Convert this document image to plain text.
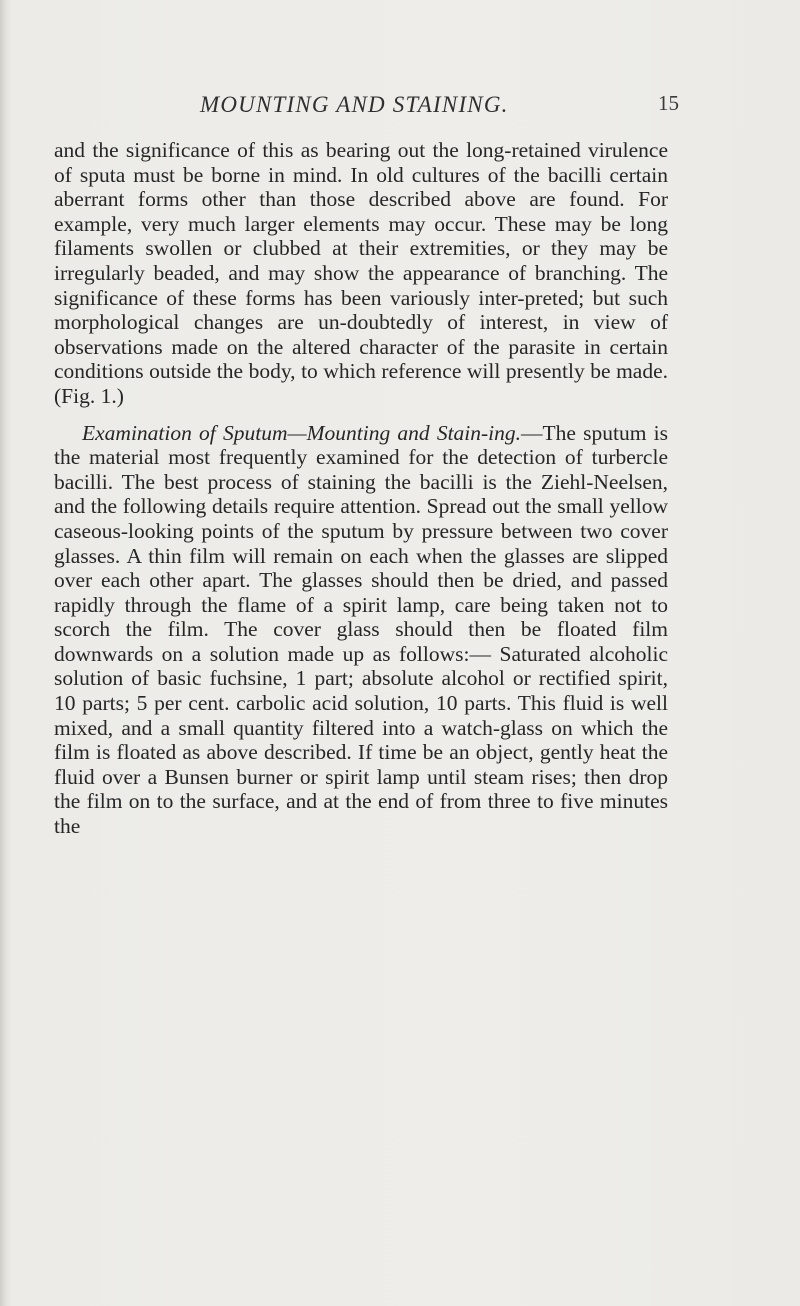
MOUNTING AND STAINING.	15

and the significance of this as bearing out the long-retained virulence of sputa must be borne in mind. In old cultures of the bacilli certain aberrant forms other than those described above are found. For example, very much larger elements may occur. These may be long filaments swollen or clubbed at their extremities, or they may be irregularly beaded, and may show the appearance of branching. The significance of these forms has been variously inter-preted; but such morphological changes are un-doubtedly of interest, in view of observations made on the altered character of the parasite in certain conditions outside the body, to which reference will presently be made. (Fig. 1.)

Examination of Sputum—Mounting and Stain-ing.—The sputum is the material most frequently examined for the detection of turbercle bacilli. The best process of staining the bacilli is the Ziehl-Neelsen, and the following details require attention. Spread out the small yellow caseous-looking points of the sputum by pressure between two cover glasses. A thin film will remain on each when the glasses are slipped over each other apart. The glasses should then be dried, and passed rapidly through the flame of a spirit lamp, care being taken not to scorch the film. The cover glass should then be floated film downwards on a solution made up as follows:— Saturated alcoholic solution of basic fuchsine, 1 part; absolute alcohol or rectified spirit, 10 parts; 5 per cent. carbolic acid solution, 10 parts. This fluid is well mixed, and a small quantity filtered into a watch-glass on which the film is floated as above described. If time be an object, gently heat the fluid over a Bunsen burner or spirit lamp until steam rises; then drop the film on to the surface, and at the end of from three to five minutes the
